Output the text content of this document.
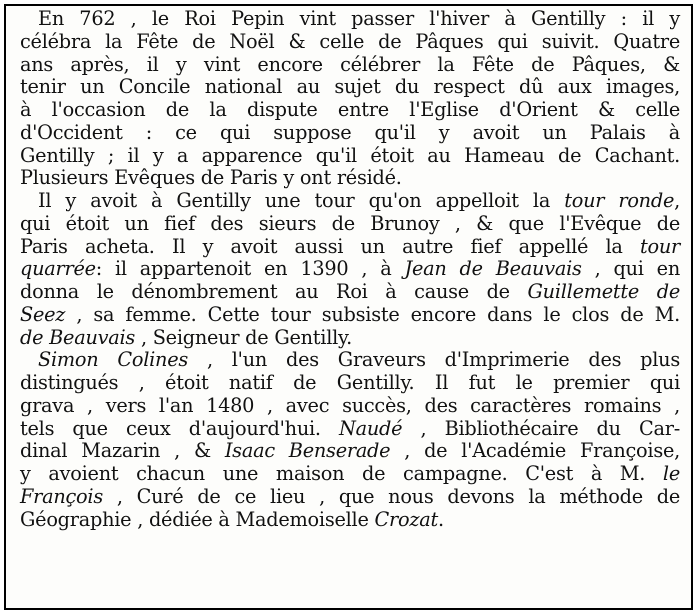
En 762 , le Roi Pepin vint passer l'hiver à Gentilly : il y
célébra la Fête de Noël & celle de Pâques qui suivit. Quatre
ans après, il y vint encore célébrer la Fête de Pâques, &
tenir un Concile national au sujet du respect dû aux images,
à l'occasion de la dispute entre l'Eglise d'Orient & celle
d'Occident : ce qui suppose qu'il y avoit un Palais à
Gentilly ; il y a apparence qu'il étoit au Hameau de Cachant.
Plusieurs Evêques de Paris y ont résidé.
Il y avoit à Gentilly une tour qu'on appelloit la tour ronde,
qui étoit un fief des sieurs de Brunoy , & que l'Evêque de
Paris acheta. Il y avoit aussi un autre fief appellé la tour
quarrée: il appartenoit en 1390 , à Jean de Beauvais , qui en
donna le dénombrement au Roi à cause de Guillemette de
Seez , sa femme. Cette tour subsiste encore dans le clos de M.
de Beauvais , Seigneur de Gentilly.
Simon Colines , l'un des Graveurs d'Imprimerie des plus
distingués , étoit natif de Gentilly. Il fut le premier qui
grava , vers l'an 1480 , avec succès, des caractères romains ,
tels que ceux d'aujourd'hui. Naudé , Bibliothécaire du Car-
dinal Mazarin , & Isaac Benserade , de l'Académie Françoise,
y avoient chacun une maison de campagne. C'est à M. le
François , Curé de ce lieu , que nous devons la méthode de
Géographie , dédiée à Mademoiselle Crozat.
